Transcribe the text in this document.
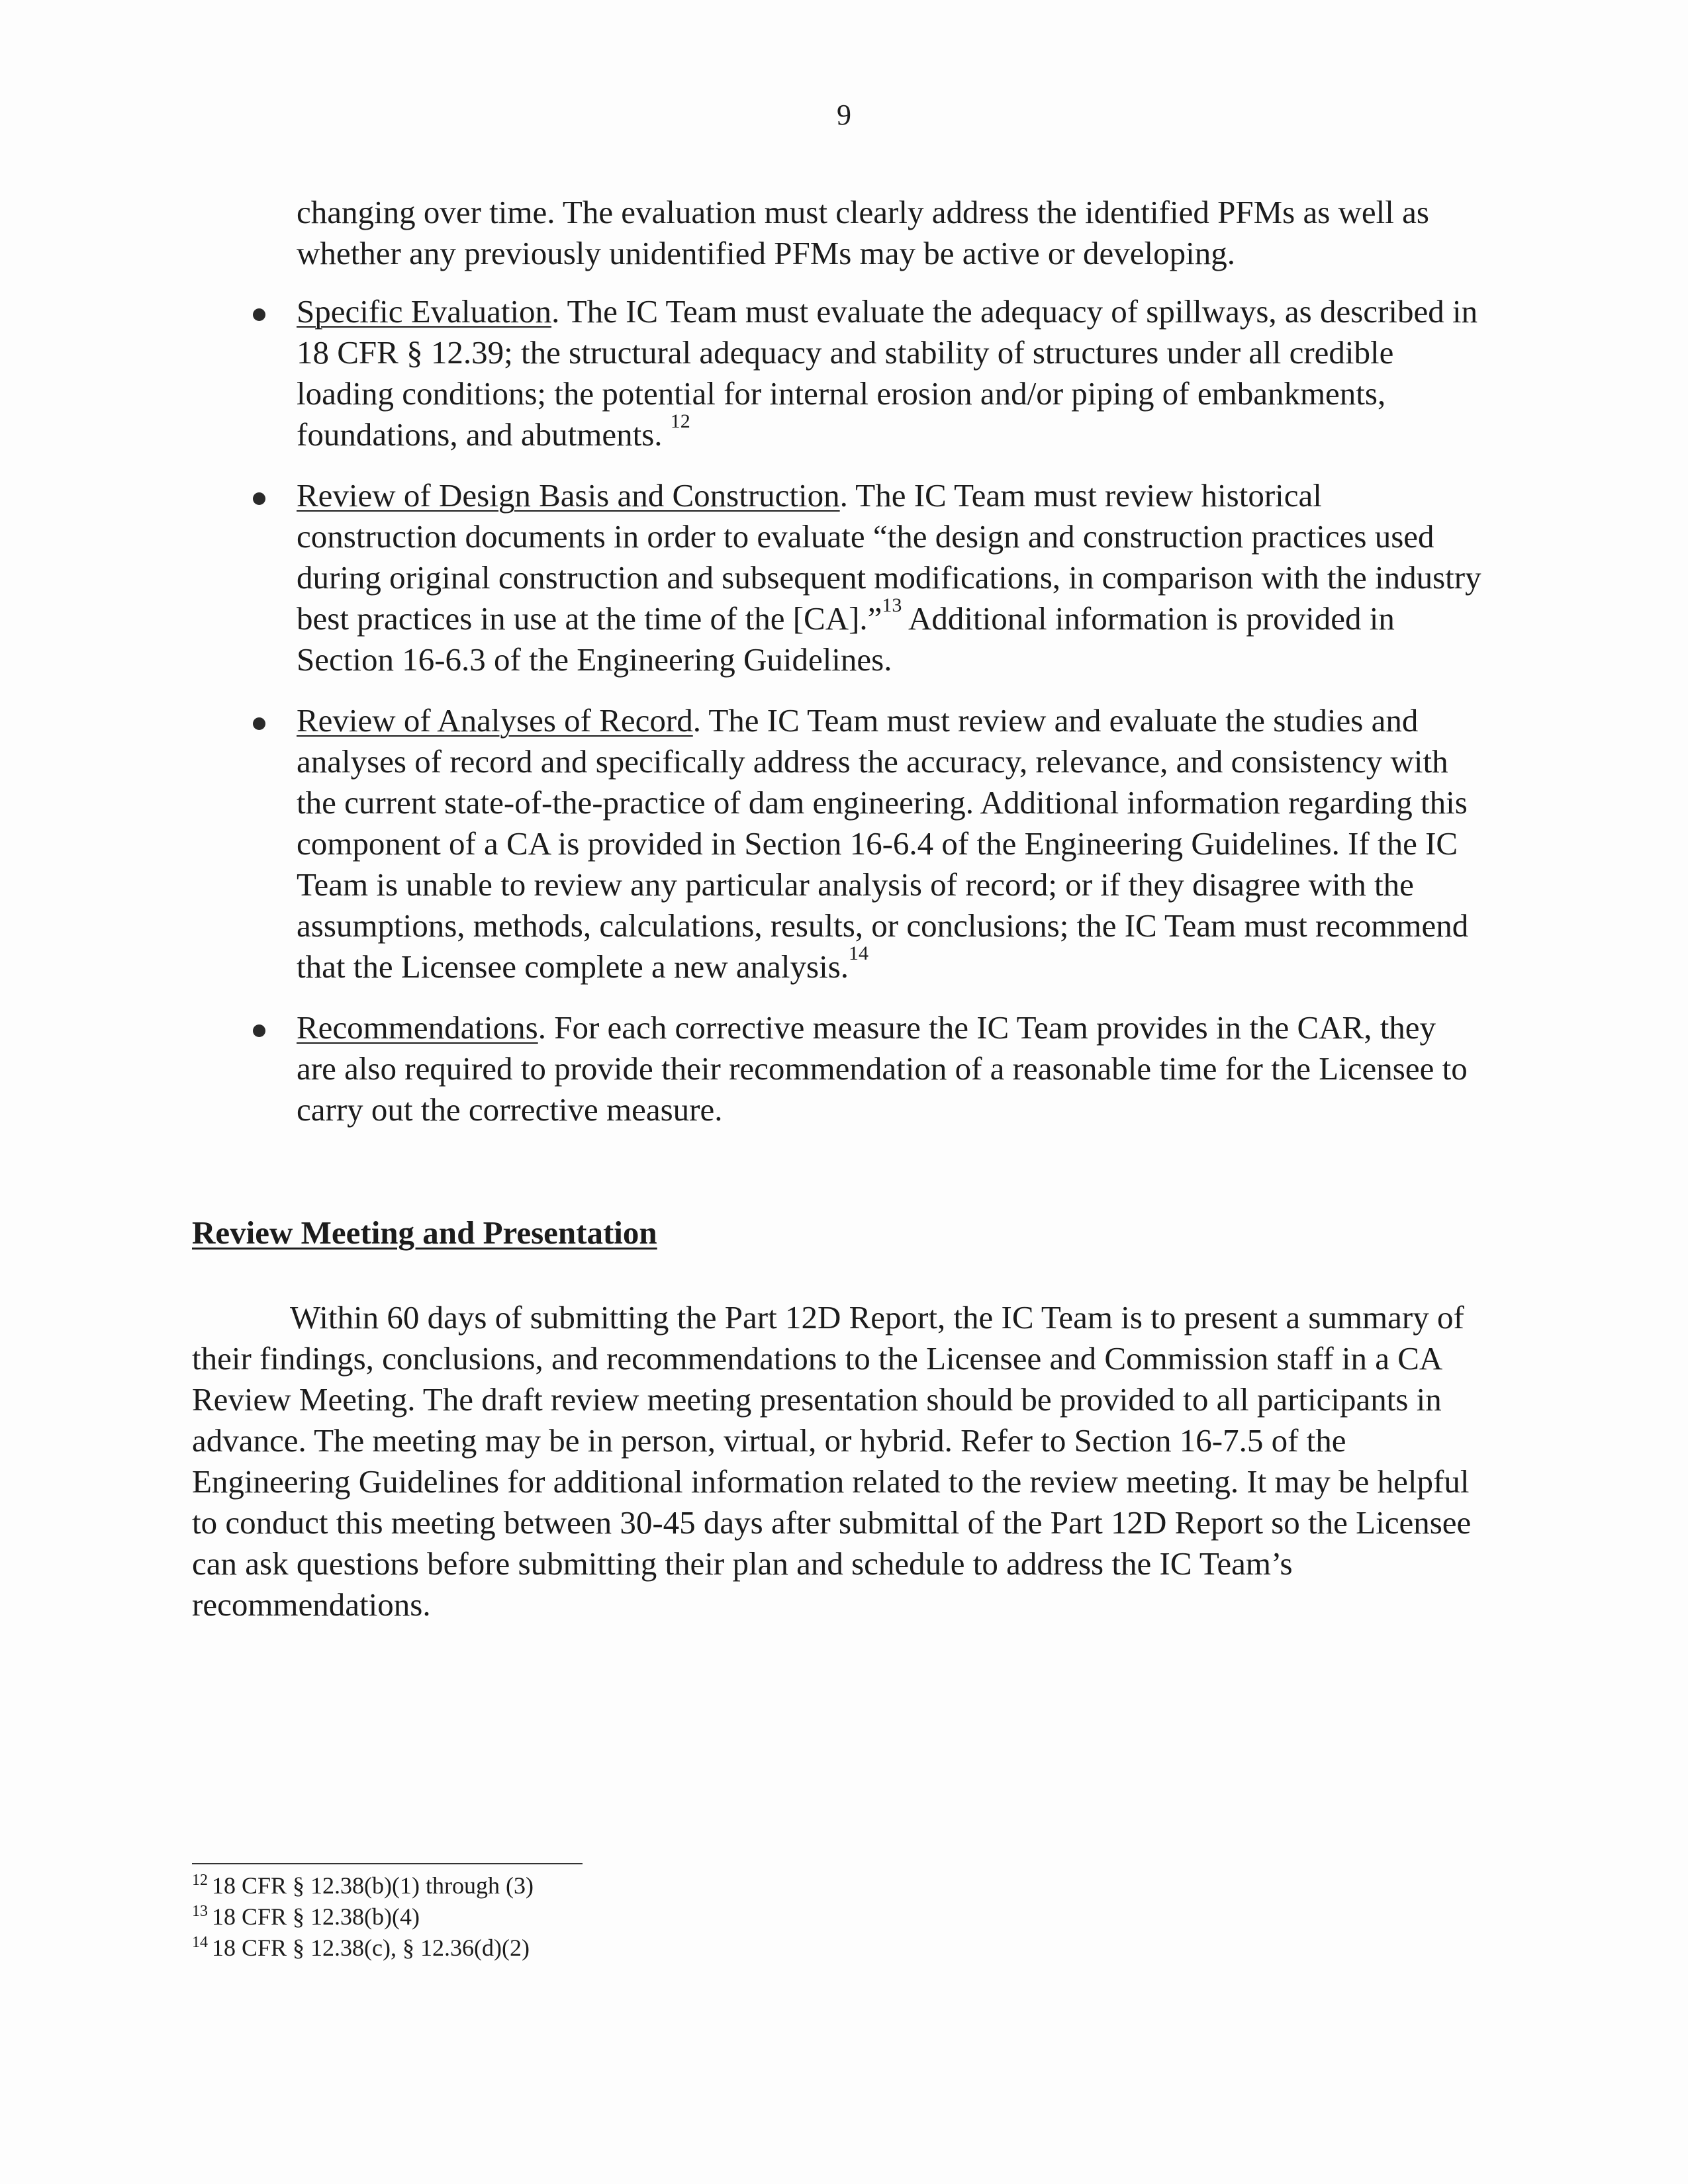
9

changing over time. The evaluation must clearly address the identified PFMs as well as whether any previously unidentified PFMs may be active or developing.

Specific Evaluation. The IC Team must evaluate the adequacy of spillways, as described in 18 CFR § 12.39; the structural adequacy and stability of structures under all credible loading conditions; the potential for internal erosion and/or piping of embankments, foundations, and abutments. $^{12}$
Review of Design Basis and Construction. The IC Team must review historical construction documents in order to evaluate “the design and construction practices used during original construction and subsequent modifications, in comparison with the industry best practices in use at the time of the [CA].”$^{13}$ Additional information is provided in Section 16-6.3 of the Engineering Guidelines.
Review of Analyses of Record. The IC Team must review and evaluate the studies and analyses of record and specifically address the accuracy, relevance, and consistency with the current state-of-the-practice of dam engineering. Additional information regarding this component of a CA is provided in Section 16-6.4 of the Engineering Guidelines. If the IC Team is unable to review any particular analysis of record; or if they disagree with the assumptions, methods, calculations, results, or conclusions; the IC Team must recommend that the Licensee complete a new analysis.$^{14}$
Recommendations. For each corrective measure the IC Team provides in the CAR, they are also required to provide their recommendation of a reasonable time for the Licensee to carry out the corrective measure.
Review Meeting and Presentation

Within 60 days of submitting the Part 12D Report, the IC Team is to present a summary of their findings, conclusions, and recommendations to the Licensee and Commission staff in a CA Review Meeting. The draft review meeting presentation should be provided to all participants in advance. The meeting may be in person, virtual, or hybrid. Refer to Section 16-7.5 of the Engineering Guidelines for additional information related to the review meeting. It may be helpful to conduct this meeting between 30-45 days after submittal of the Part 12D Report so the Licensee can ask questions before submitting their plan and schedule to address the IC Team’s recommendations.

$^{12}$ 18 CFR § 12.38(b)(1) through (3)
$^{13}$ 18 CFR § 12.38(b)(4)
$^{14}$ 18 CFR § 12.38(c), § 12.36(d)(2)
